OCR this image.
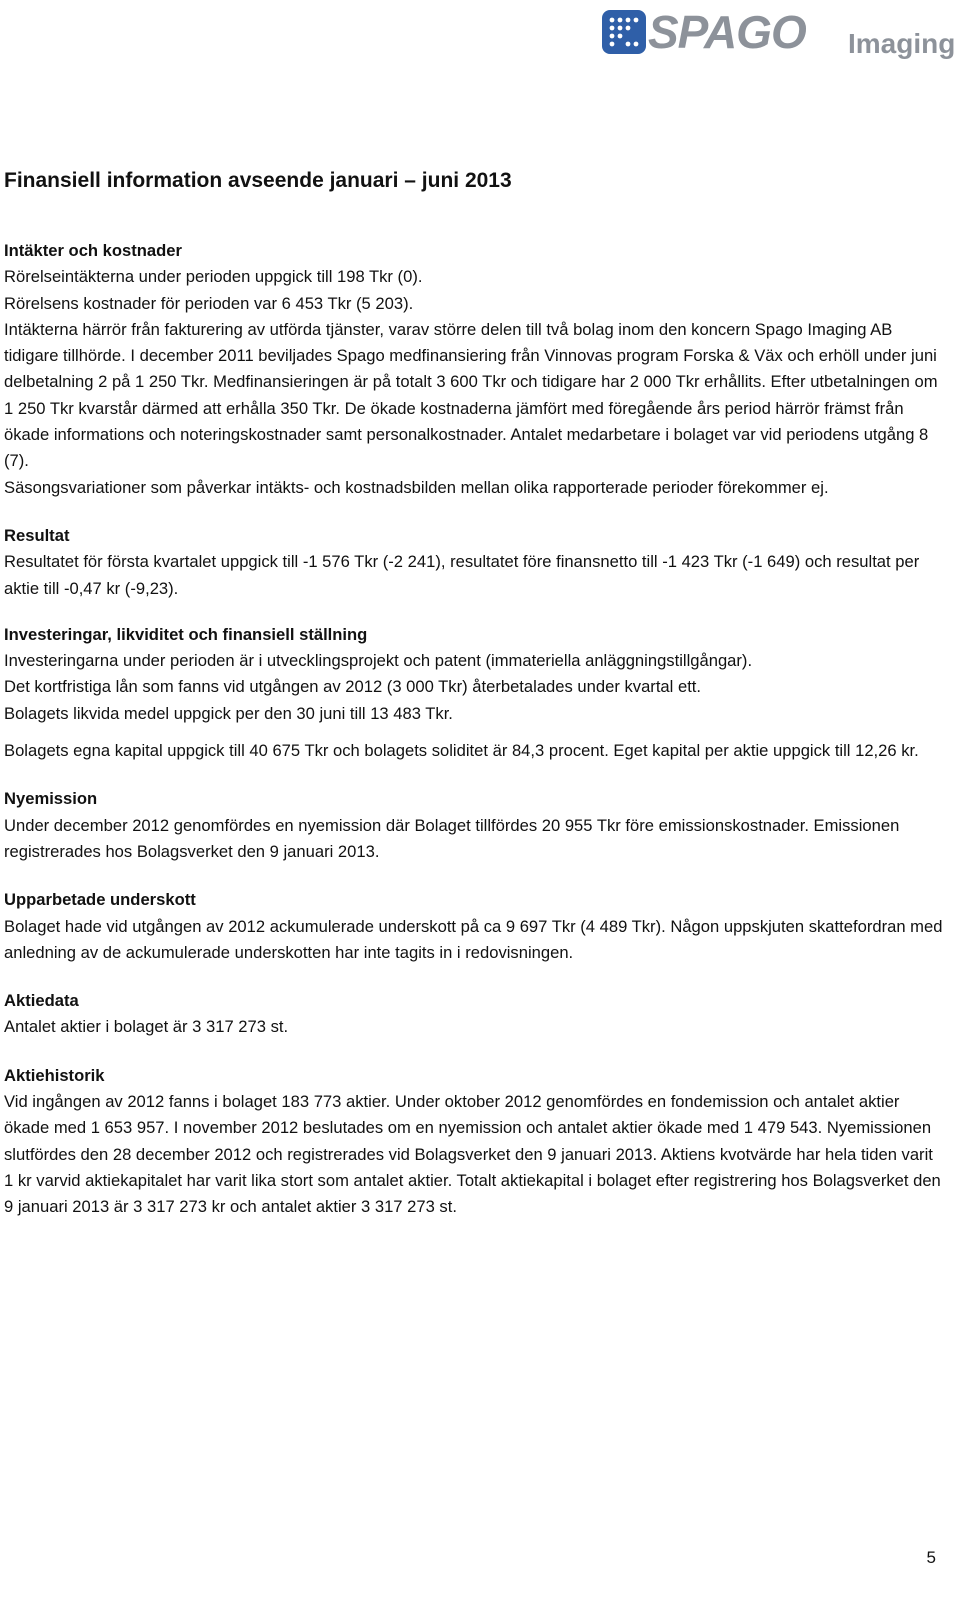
SPAGO Imaging
Finansiell information avseende januari – juni 2013
Intäkter och kostnader

Rörelseintäkterna under perioden uppgick till 198 Tkr (0).

Rörelsens kostnader för perioden var 6 453 Tkr (5 203).

Intäkterna härrör från fakturering av utförda tjänster, varav större delen till två bolag inom den koncern Spago Imaging AB tidigare tillhörde. I december 2011 beviljades Spago medfinansiering från Vinnovas program Forska & Väx och erhöll under juni delbetalning 2 på 1 250 Tkr. Medfinansieringen är på totalt 3 600 Tkr och tidigare har 2 000 Tkr erhållits. Efter utbetalningen om 1 250 Tkr kvarstår därmed att erhålla 350 Tkr. De ökade kostnaderna jämfört med föregående års period härrör främst från ökade informations och noteringskostnader samt personalkostnader. Antalet medarbetare i bolaget var vid periodens utgång 8 (7).

Säsongsvariationer som påverkar intäkts- och kostnadsbilden mellan olika rapporterade perioder förekommer ej.

Resultat

Resultatet för första kvartalet uppgick till -1 576 Tkr (-2 241), resultatet före finansnetto till -1 423 Tkr (-1 649) och resultat per aktie till -0,47 kr (-9,23).

Investeringar, likviditet och finansiell ställning

Investeringarna under perioden är i utvecklingsprojekt och patent (immateriella anläggningstillgångar).

Det kortfristiga lån som fanns vid utgången av 2012 (3 000 Tkr) återbetalades under kvartal ett.

Bolagets likvida medel uppgick per den 30 juni till 13 483 Tkr.

Bolagets egna kapital uppgick till 40 675 Tkr och bolagets soliditet är 84,3 procent. Eget kapital per aktie uppgick till 12,26 kr.

Nyemission

Under december 2012 genomfördes en nyemission där Bolaget tillfördes 20 955 Tkr före emissionskostnader. Emissionen registrerades hos Bolagsverket den 9 januari 2013.

Upparbetade underskott

Bolaget hade vid utgången av 2012 ackumulerade underskott på ca 9 697 Tkr (4 489 Tkr). Någon uppskjuten skattefordran med anledning av de ackumulerade underskotten har inte tagits in i redovisningen.

Aktiedata

Antalet aktier i bolaget är 3 317 273 st.

Aktiehistorik

Vid ingången av 2012 fanns i bolaget 183 773 aktier. Under oktober 2012 genomfördes en fondemission och antalet aktier ökade med 1 653 957. I november 2012 beslutades om en nyemission och antalet aktier ökade med 1 479 543. Nyemissionen slutfördes den 28 december 2012 och registrerades vid Bolagsverket den 9 januari 2013. Aktiens kvotvärde har hela tiden varit 1 kr varvid aktiekapitalet har varit lika stort som antalet aktier. Totalt aktiekapital i bolaget efter registrering hos Bolagsverket den 9 januari 2013 är 3 317 273 kr och antalet aktier 3 317 273 st.

5
